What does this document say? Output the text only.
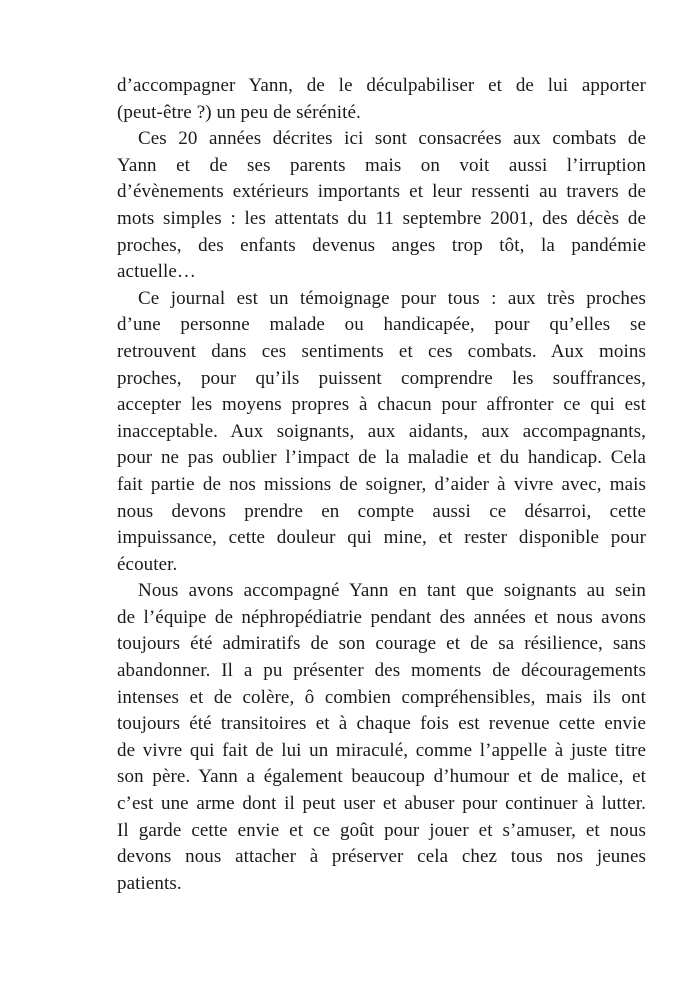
d’accompagner Yann, de le déculpabiliser et de lui apporter
(peut-être ?) un peu de sérénité.
Ces 20 années décrites ici sont consacrées aux combats de
Yann et de ses parents mais on voit aussi l’irruption
d’évènements extérieurs importants et leur ressenti au travers de
mots simples : les attentats du 11 septembre 2001, des décès de
proches, des enfants devenus anges trop tôt, la pandémie
actuelle…
Ce journal est un témoignage pour tous : aux très proches
d’une personne malade ou handicapée, pour qu’elles se
retrouvent dans ces sentiments et ces combats. Aux moins
proches, pour qu’ils puissent comprendre les souffrances,
accepter les moyens propres à chacun pour affronter ce qui est
inacceptable. Aux soignants, aux aidants, aux accompagnants,
pour ne pas oublier l’impact de la maladie et du handicap. Cela
fait partie de nos missions de soigner, d’aider à vivre avec, mais
nous devons prendre en compte aussi ce désarroi, cette
impuissance, cette douleur qui mine, et rester disponible pour
écouter.
Nous avons accompagné Yann en tant que soignants au sein
de l’équipe de néphropédiatrie pendant des années et nous avons
toujours été admiratifs de son courage et de sa résilience, sans
abandonner. Il a pu présenter des moments de découragements
intenses et de colère, ô combien compréhensibles, mais ils ont
toujours été transitoires et à chaque fois est revenue cette envie
de vivre qui fait de lui un miraculé, comme l’appelle à juste titre
son père. Yann a également beaucoup d’humour et de malice, et
c’est une arme dont il peut user et abuser pour continuer à lutter.
Il garde cette envie et ce goût pour jouer et s’amuser, et nous
devons nous attacher à préserver cela chez tous nos jeunes
patients.
